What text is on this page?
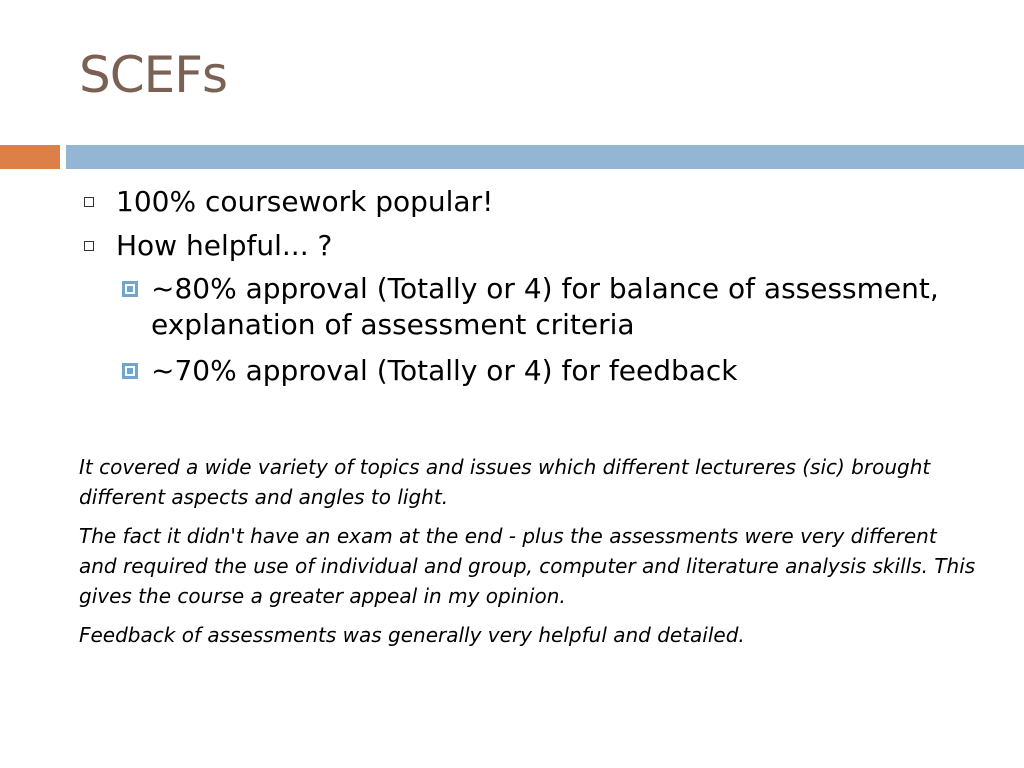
SCEFs
100% coursework popular!
How helpful... ?
~80% approval (Totally or 4) for balance of assessment, explanation of assessment criteria
~70% approval (Totally or 4) for feedback

It covered a wide variety of topics and issues which different lectureres (sic) brought different aspects and angles to light.

The fact it didn't have an exam at the end - plus the assessments were very different and required the use of individual and group, computer and literature analysis skills. This gives the course a greater appeal in my opinion.

Feedback of assessments was generally very helpful and detailed.
